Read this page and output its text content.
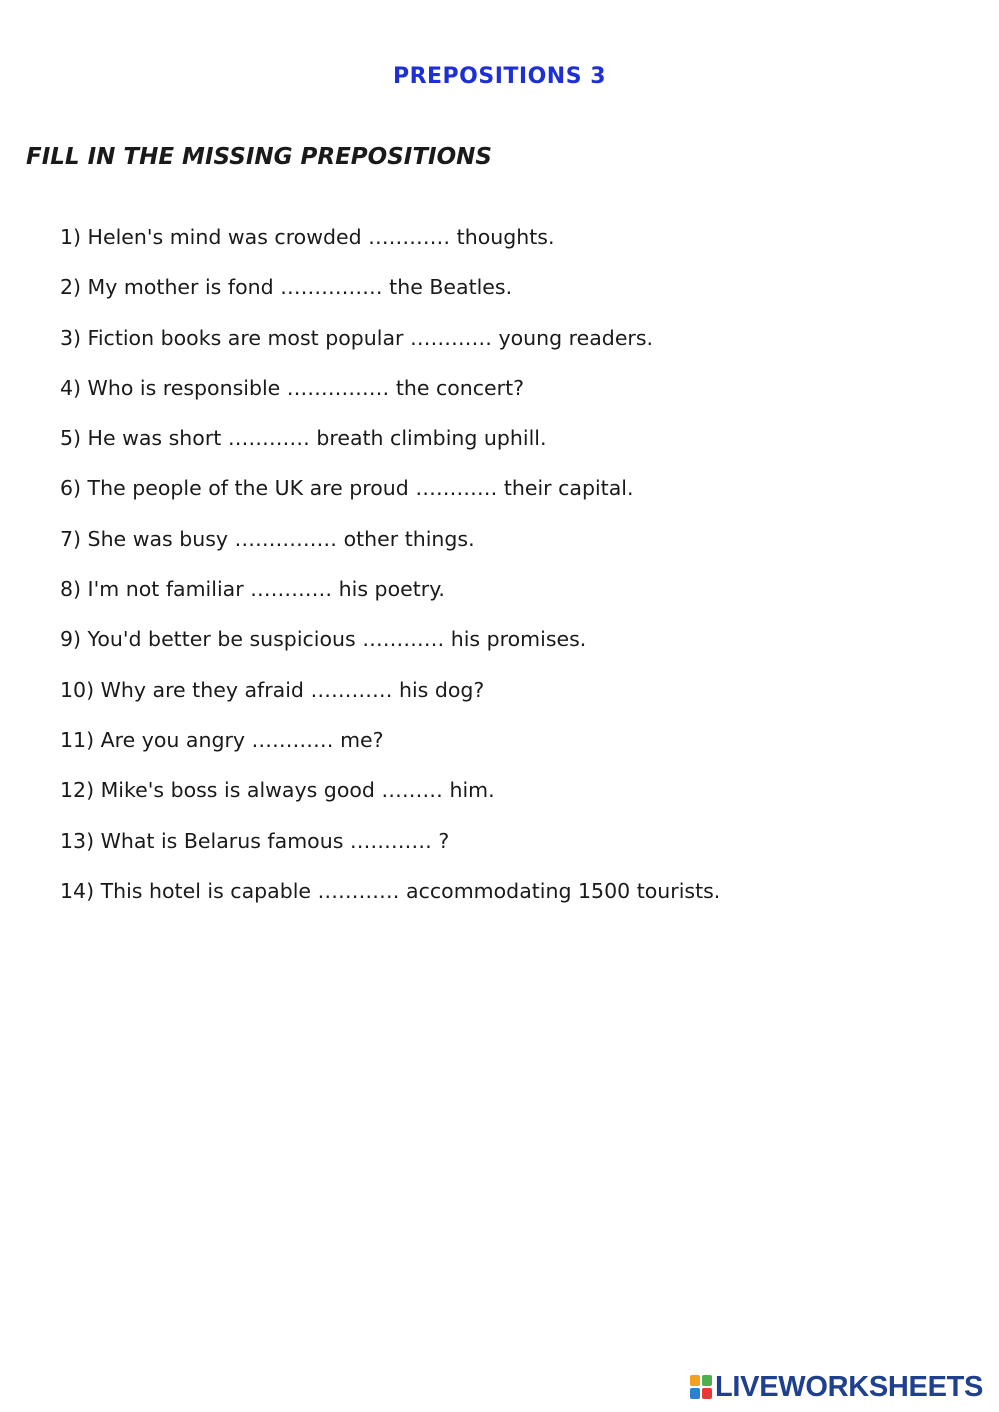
PREPOSITIONS 3
FILL IN THE MISSING PREPOSITIONS
1) Helen's mind was crowded ………… thoughts.
2) My mother is fond …………… the Beatles.
3) Fiction books are most popular ………… young readers.
4) Who is responsible …………… the concert?
5) He was short ………… breath climbing uphill.
6) The people of the UK are proud ………… their capital.
7) She was busy …………… other things.
8) I'm not familiar ………… his poetry.
9) You'd better be suspicious ………… his promises.
10) Why are they afraid ………… his dog?
11) Are you angry ………… me?
12) Mike's boss is always good ……… him.
13) What is Belarus famous ………… ?
14) This hotel is capable ………… accommodating 1500 tourists.
LIVEWORKSHEETS
